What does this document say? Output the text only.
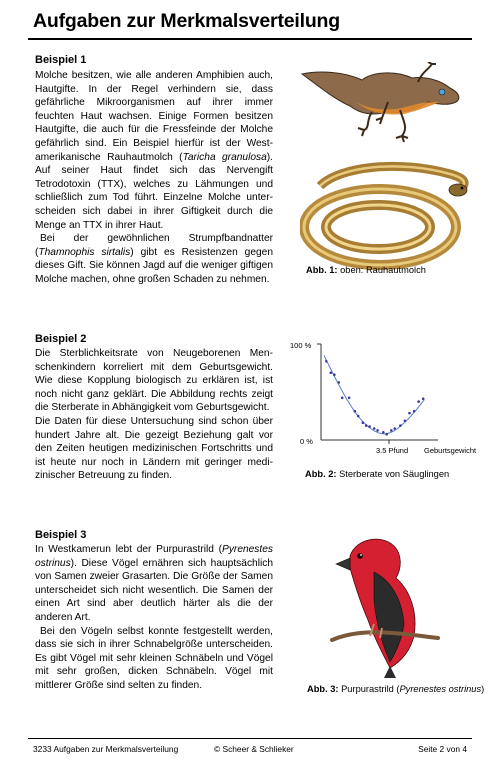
Aufgaben zur Merkmalsverteilung
Beispiel 1

Molche besitzen, wie alle anderen Amphibien auch, Hautgifte. In der Regel verhindern sie, dass gefährliche Mikroorganismen auf ihrer immer feuchten Haut wachsen. Einige Formen besitzen Hautgifte, die auch für die Fressfeinde der Molche gefährlich sind. Ein Beispiel hierfür ist der Westamerikanische Rauhautmolch (Taricha granulosa). Auf seiner Haut findet sich das Nervengift Tetrodotoxin (TTX), welches zu Lähmungen und schließlich zum Tod führt. Einzelne Molche unterscheiden sich dabei in ihrer Giftigkeit durch die Menge an TTX in ihrer Haut.

Bei der gewöhnlichen Strumpfbandnatter (Thamnophis sirtalis) gibt es Resistenzen gegen dieses Gift. Sie können Jagd auf die weniger giftigen Molche machen, ohne großen Schaden zu nehmen.

Abb. 1: oben: Rauhautmolch

Beispiel 2

Die Sterblichkeitsrate von Neugeborenen Menschenkindern korreliert mit dem Geburtsgewicht. Wie diese Kopplung biologisch zu erklären ist, ist noch nicht ganz geklärt. Die Abbildung rechts zeigt die Sterberate in Abhängigkeit vom Geburtsgewicht.

Die Daten für diese Untersuchung sind schon über hundert Jahre alt. Die gezeigt Beziehung galt vor den Zeiten heutigen medizinischen Fortschritts und ist heute nur noch in Ländern mit geringer medizinischer Betreuung zu finden.

100 %
0 %
3.5 Pfund Geburtsgewicht

Abb. 2: Sterberate von Säuglingen

Beispiel 3

In Westkamerun lebt der Purpurastrild (Pyrenestes ostrinus). Diese Vögel ernähren sich hauptsächlich von Samen zweier Grasarten. Die Größe der Samen unterscheidet sich nicht wesentlich. Die Samen der einen Art sind aber deutlich härter als die der anderen Art.

Bei den Vögeln selbst konnte festgestellt werden, dass sie sich in ihrer Schnabelgröße unterscheiden. Es gibt Vögel mit sehr kleinen Schnäbeln und Vögel mit sehr großen, dicken Schnäbeln. Vögel mit mittlerer Größe sind selten zu finden.	Abb. 3: Purpurastrild (Pyrenestes ostrinus)

3233 Aufgaben zur Merkmalsverteilung	© Scheer & Schlieker	Seite 2 von 4
